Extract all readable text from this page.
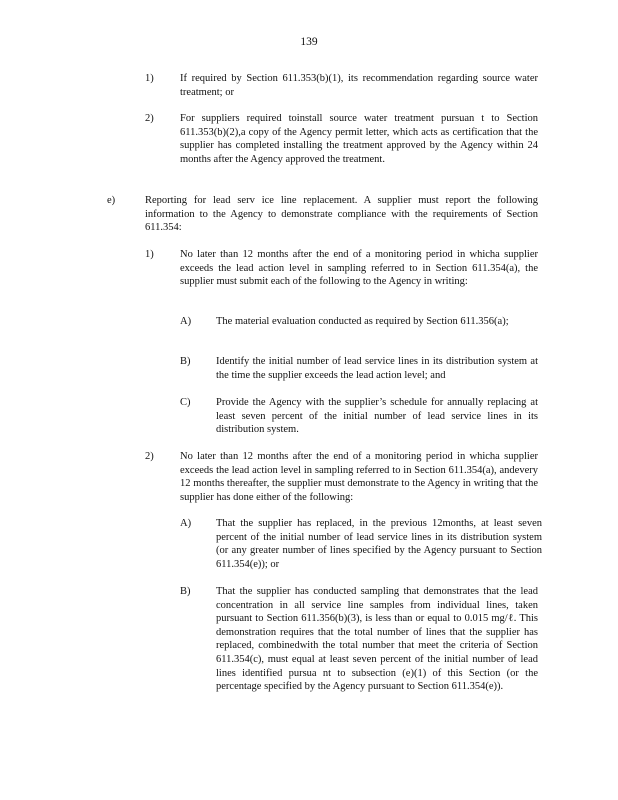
139
1)	If required by Section 611.353(b)(1), its recommendation regarding source water treatment; or
2)	For suppliers required toinstall source water treatment pursuan t to Section 611.353(b)(2),a copy of the Agency permit letter, which acts as certification that the supplier has completed installing the treatment approved by the Agency within 24 months after the Agency approved the treatment.
e)	Reporting for lead serv ice line replacement. A supplier must report the following information to the Agency to demonstrate compliance with the requirements of Section 611.354:
1)	No later than 12 months after the end of a monitoring period in whicha supplier exceeds the lead action level in sampling referred to in Section 611.354(a), the supplier must submit each of the following to the Agency in writing:
A) The material evaluation conducted as required by Section 611.356(a);
B) Identify the initial number of lead service lines in its distribution system at the time the supplier exceeds the lead action level; and
C) Provide the Agency with the supplier’s schedule for annually replacing at least seven percent of the initial number of lead service lines in its distribution system.
2)	No later than 12 months after the end of a monitoring period in whicha supplier exceeds the lead action level in sampling referred to in Section 611.354(a), andevery 12 months thereafter, the supplier must demonstrate to the Agency in writing that the supplier has done either of the following:
A) That the supplier has replaced, in the previous 12months, at least seven percent of the initial number of lead service lines in its distribution system (or any greater number of lines specified by the Agency pursuant to Section 611.354(e)); or
B) That the supplier has conducted sampling that demonstrates that the lead concentration in all service line samples from individual lines, taken pursuant to Section 611.356(b)(3), is less than or equal to 0.015 mg/ℓ. This demonstration requires that the total number of lines that the supplier has replaced, combinedwith the total number that meet the criteria of Section 611.354(c), must equal at least seven percent of the initial number of lead lines identified pursua nt to subsection (e)(1) of this Section (or the percentage specified by the Agency pursuant to Section 611.354(e)).
